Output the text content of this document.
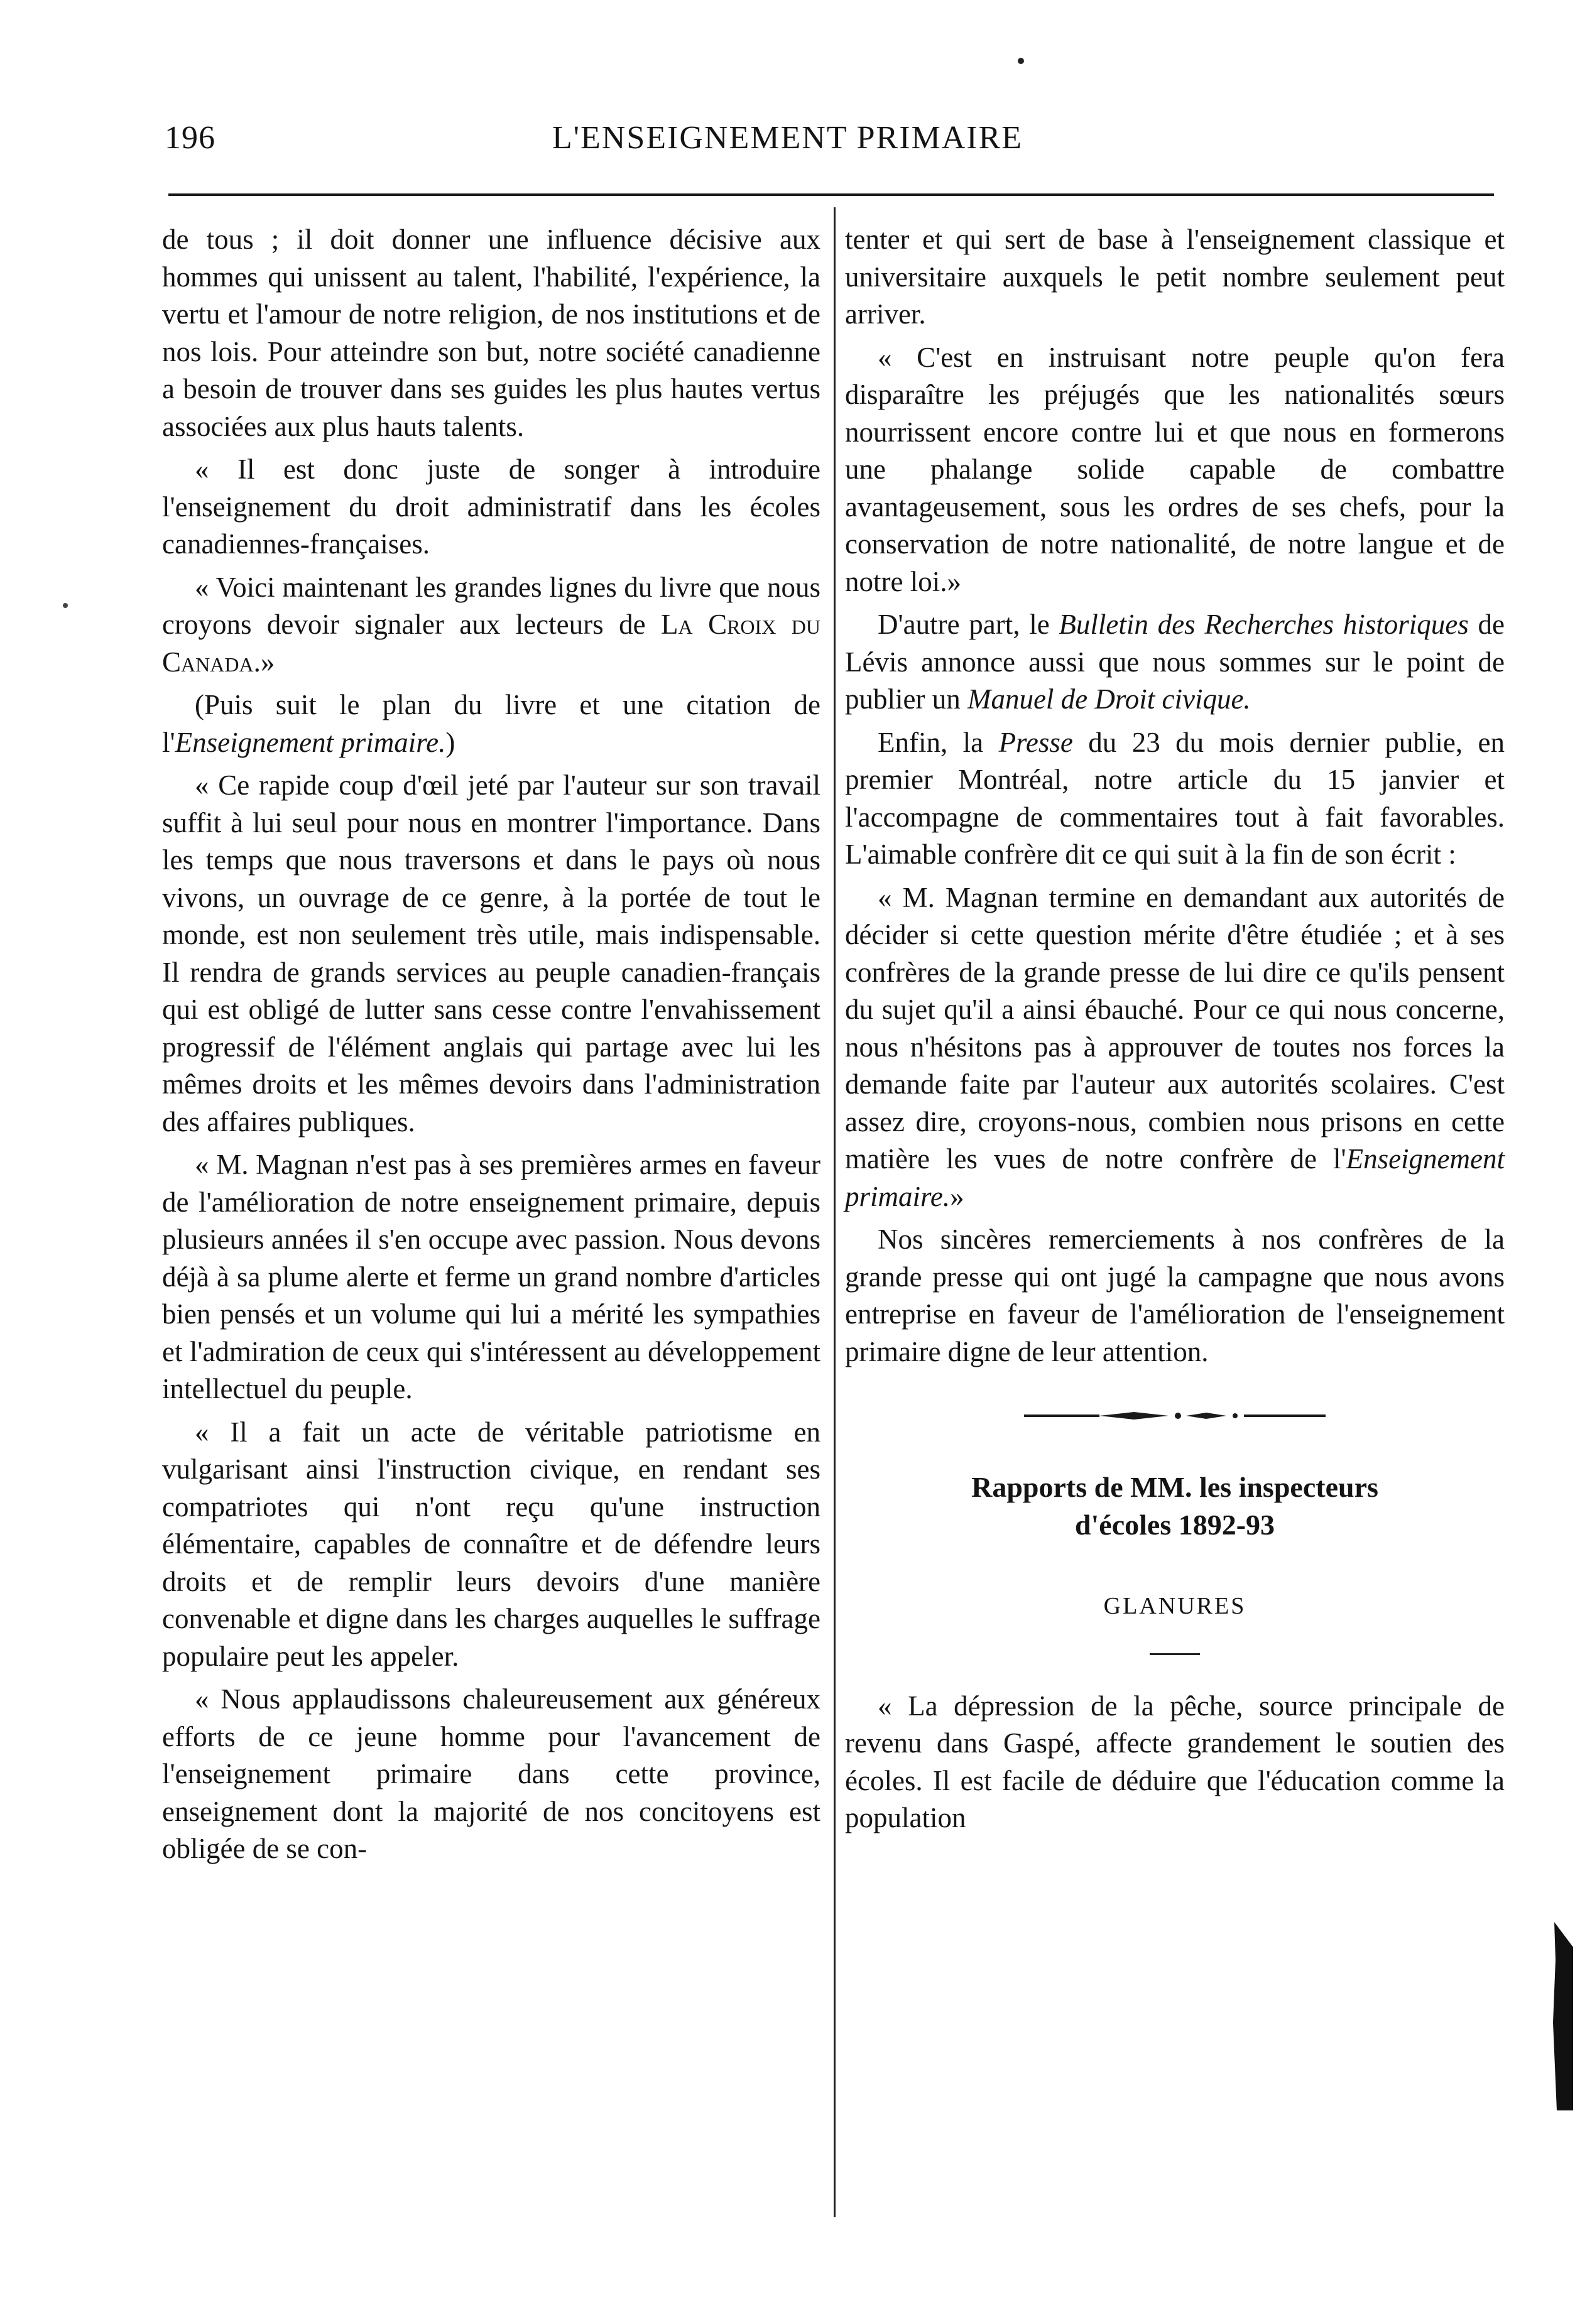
196	L'ENSEIGNEMENT PRIMAIRE

de tous ; il doit donner une influence décisive aux hommes qui unissent au talent, l'habilité, l'expérience, la vertu et l'amour de notre religion, de nos institutions et de nos lois. Pour atteindre son but, notre société canadienne a besoin de trouver dans ses guides les plus hautes vertus associées aux plus hauts talents.

« Il est donc juste de songer à introduire l'enseignement du droit administratif dans les écoles canadiennes-françaises.

« Voici maintenant les grandes lignes du livre que nous croyons devoir signaler aux lecteurs de La Croix du Canada.»

(Puis suit le plan du livre et une citation de l'Enseignement primaire.)

« Ce rapide coup d'œil jeté par l'auteur sur son travail suffit à lui seul pour nous en montrer l'importance. Dans les temps que nous traversons et dans le pays où nous vivons, un ouvrage de ce genre, à la portée de tout le monde, est non seulement très utile, mais indispensable. Il rendra de grands services au peuple canadien-français qui est obligé de lutter sans cesse contre l'envahissement progressif de l'élément anglais qui partage avec lui les mêmes droits et les mêmes devoirs dans l'administration des affaires publiques.

« M. Magnan n'est pas à ses premières armes en faveur de l'amélioration de notre enseignement primaire, depuis plusieurs années il s'en occupe avec passion. Nous devons déjà à sa plume alerte et ferme un grand nombre d'articles bien pensés et un volume qui lui a mérité les sympathies et l'admiration de ceux qui s'intéressent au développement intellectuel du peuple.

« Il a fait un acte de véritable patriotisme en vulgarisant ainsi l'instruction civique, en rendant ses compatriotes qui n'ont reçu qu'une instruction élémentaire, capables de connaître et de défendre leurs droits et de remplir leurs devoirs d'une manière convenable et digne dans les charges auquelles le suffrage populaire peut les appeler.

« Nous applaudissons chaleureusement aux généreux efforts de ce jeune homme pour l'avancement de l'enseignement primaire dans cette province, enseignement dont la majorité de nos concitoyens est obligée de se con-

tenter et qui sert de base à l'enseignement classique et universitaire auxquels le petit nombre seulement peut arriver.

« C'est en instruisant notre peuple qu'on fera disparaître les préjugés que les nationalités sœurs nourrissent encore contre lui et que nous en formerons une phalange solide capable de combattre avantageusement, sous les ordres de ses chefs, pour la conservation de notre nationalité, de notre langue et de notre loi.»

D'autre part, le Bulletin des Recherches historiques de Lévis annonce aussi que nous sommes sur le point de publier un Manuel de Droit civique.

Enfin, la Presse du 23 du mois dernier publie, en premier Montréal, notre article du 15 janvier et l'accompagne de commentaires tout à fait favorables. L'aimable confrère dit ce qui suit à la fin de son écrit :

« M. Magnan termine en demandant aux autorités de décider si cette question mérite d'être étudiée ; et à ses confrères de la grande presse de lui dire ce qu'ils pensent du sujet qu'il a ainsi ébauché. Pour ce qui nous concerne, nous n'hésitons pas à approuver de toutes nos forces la demande faite par l'auteur aux autorités scolaires. C'est assez dire, croyons-nous, combien nous prisons en cette matière les vues de notre confrère de l'Enseignement primaire.»

Nos sincères remerciements à nos confrères de la grande presse qui ont jugé la campagne que nous avons entreprise en faveur de l'amélioration de l'enseignement primaire digne de leur attention.

Rapports de MM. les inspecteurs
d'écoles 1892-93
GLANURES

« La dépression de la pêche, source principale de revenu dans Gaspé, affecte grandement le soutien des écoles. Il est facile de déduire que l'éducation comme la population
